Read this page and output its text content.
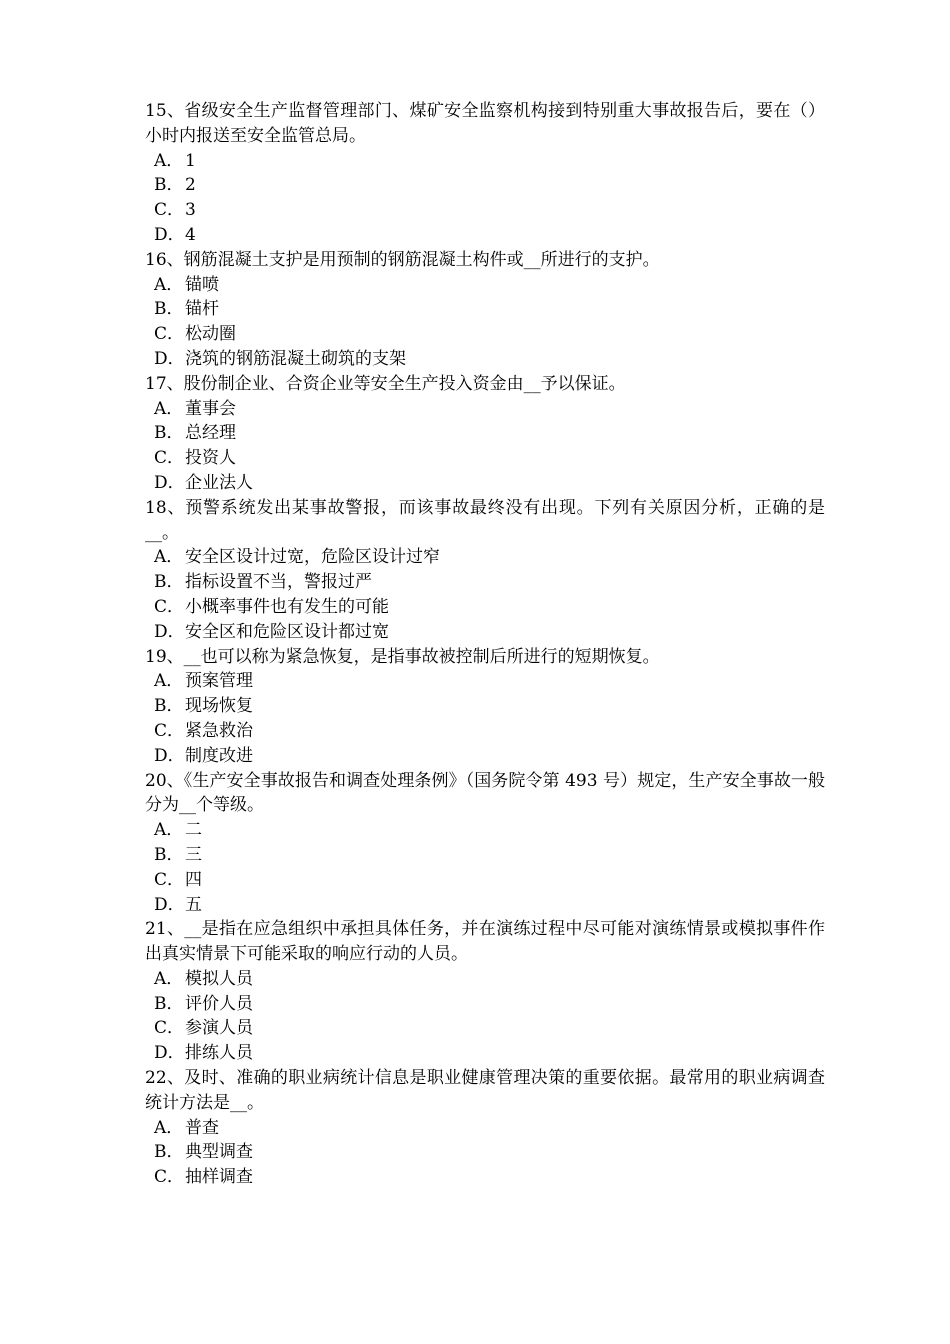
15、省级安全生产监督管理部门、煤矿安全监察机构接到特别重大事故报告后，要在（）小时内报送至安全监管总局。
A． 1
B．2
C．3
D．4
16、钢筋混凝土支护是用预制的钢筋混凝土构件或__所进行的支护。
A． 锚喷
B．锚杆
C．松动圈
D．浇筑的钢筋混凝土砌筑的支架
17、股份制企业、合资企业等安全生产投入资金由__予以保证。
A． 董事会
B．总经理
C．投资人
D．企业法人
18、预警系统发出某事故警报，而该事故最终没有出现。下列有关原因分析，正确的是__。
A． 安全区设计过宽，危险区设计过窄
B．指标设置不当，警报过严
C．小概率事件也有发生的可能
D．安全区和危险区设计都过宽
19、__也可以称为紧急恢复，是指事故被控制后所进行的短期恢复。
A． 预案管理
B．现场恢复
C．紧急救治
D．制度改进
20、《生产安全事故报告和调查处理条例》（国务院令第 493 号）规定，生产安全事故一般分为__个等级。
A． 二
B．三
C．四
D．五
21、__是指在应急组织中承担具体任务，并在演练过程中尽可能对演练情景或模拟事件作出真实情景下可能采取的响应行动的人员。
A． 模拟人员
B．评价人员
C．参演人员
D．排练人员
22、及时、准确的职业病统计信息是职业健康管理决策的重要依据。最常用的职业病调查统计方法是__。
A． 普查
B．典型调查
C．抽样调查
